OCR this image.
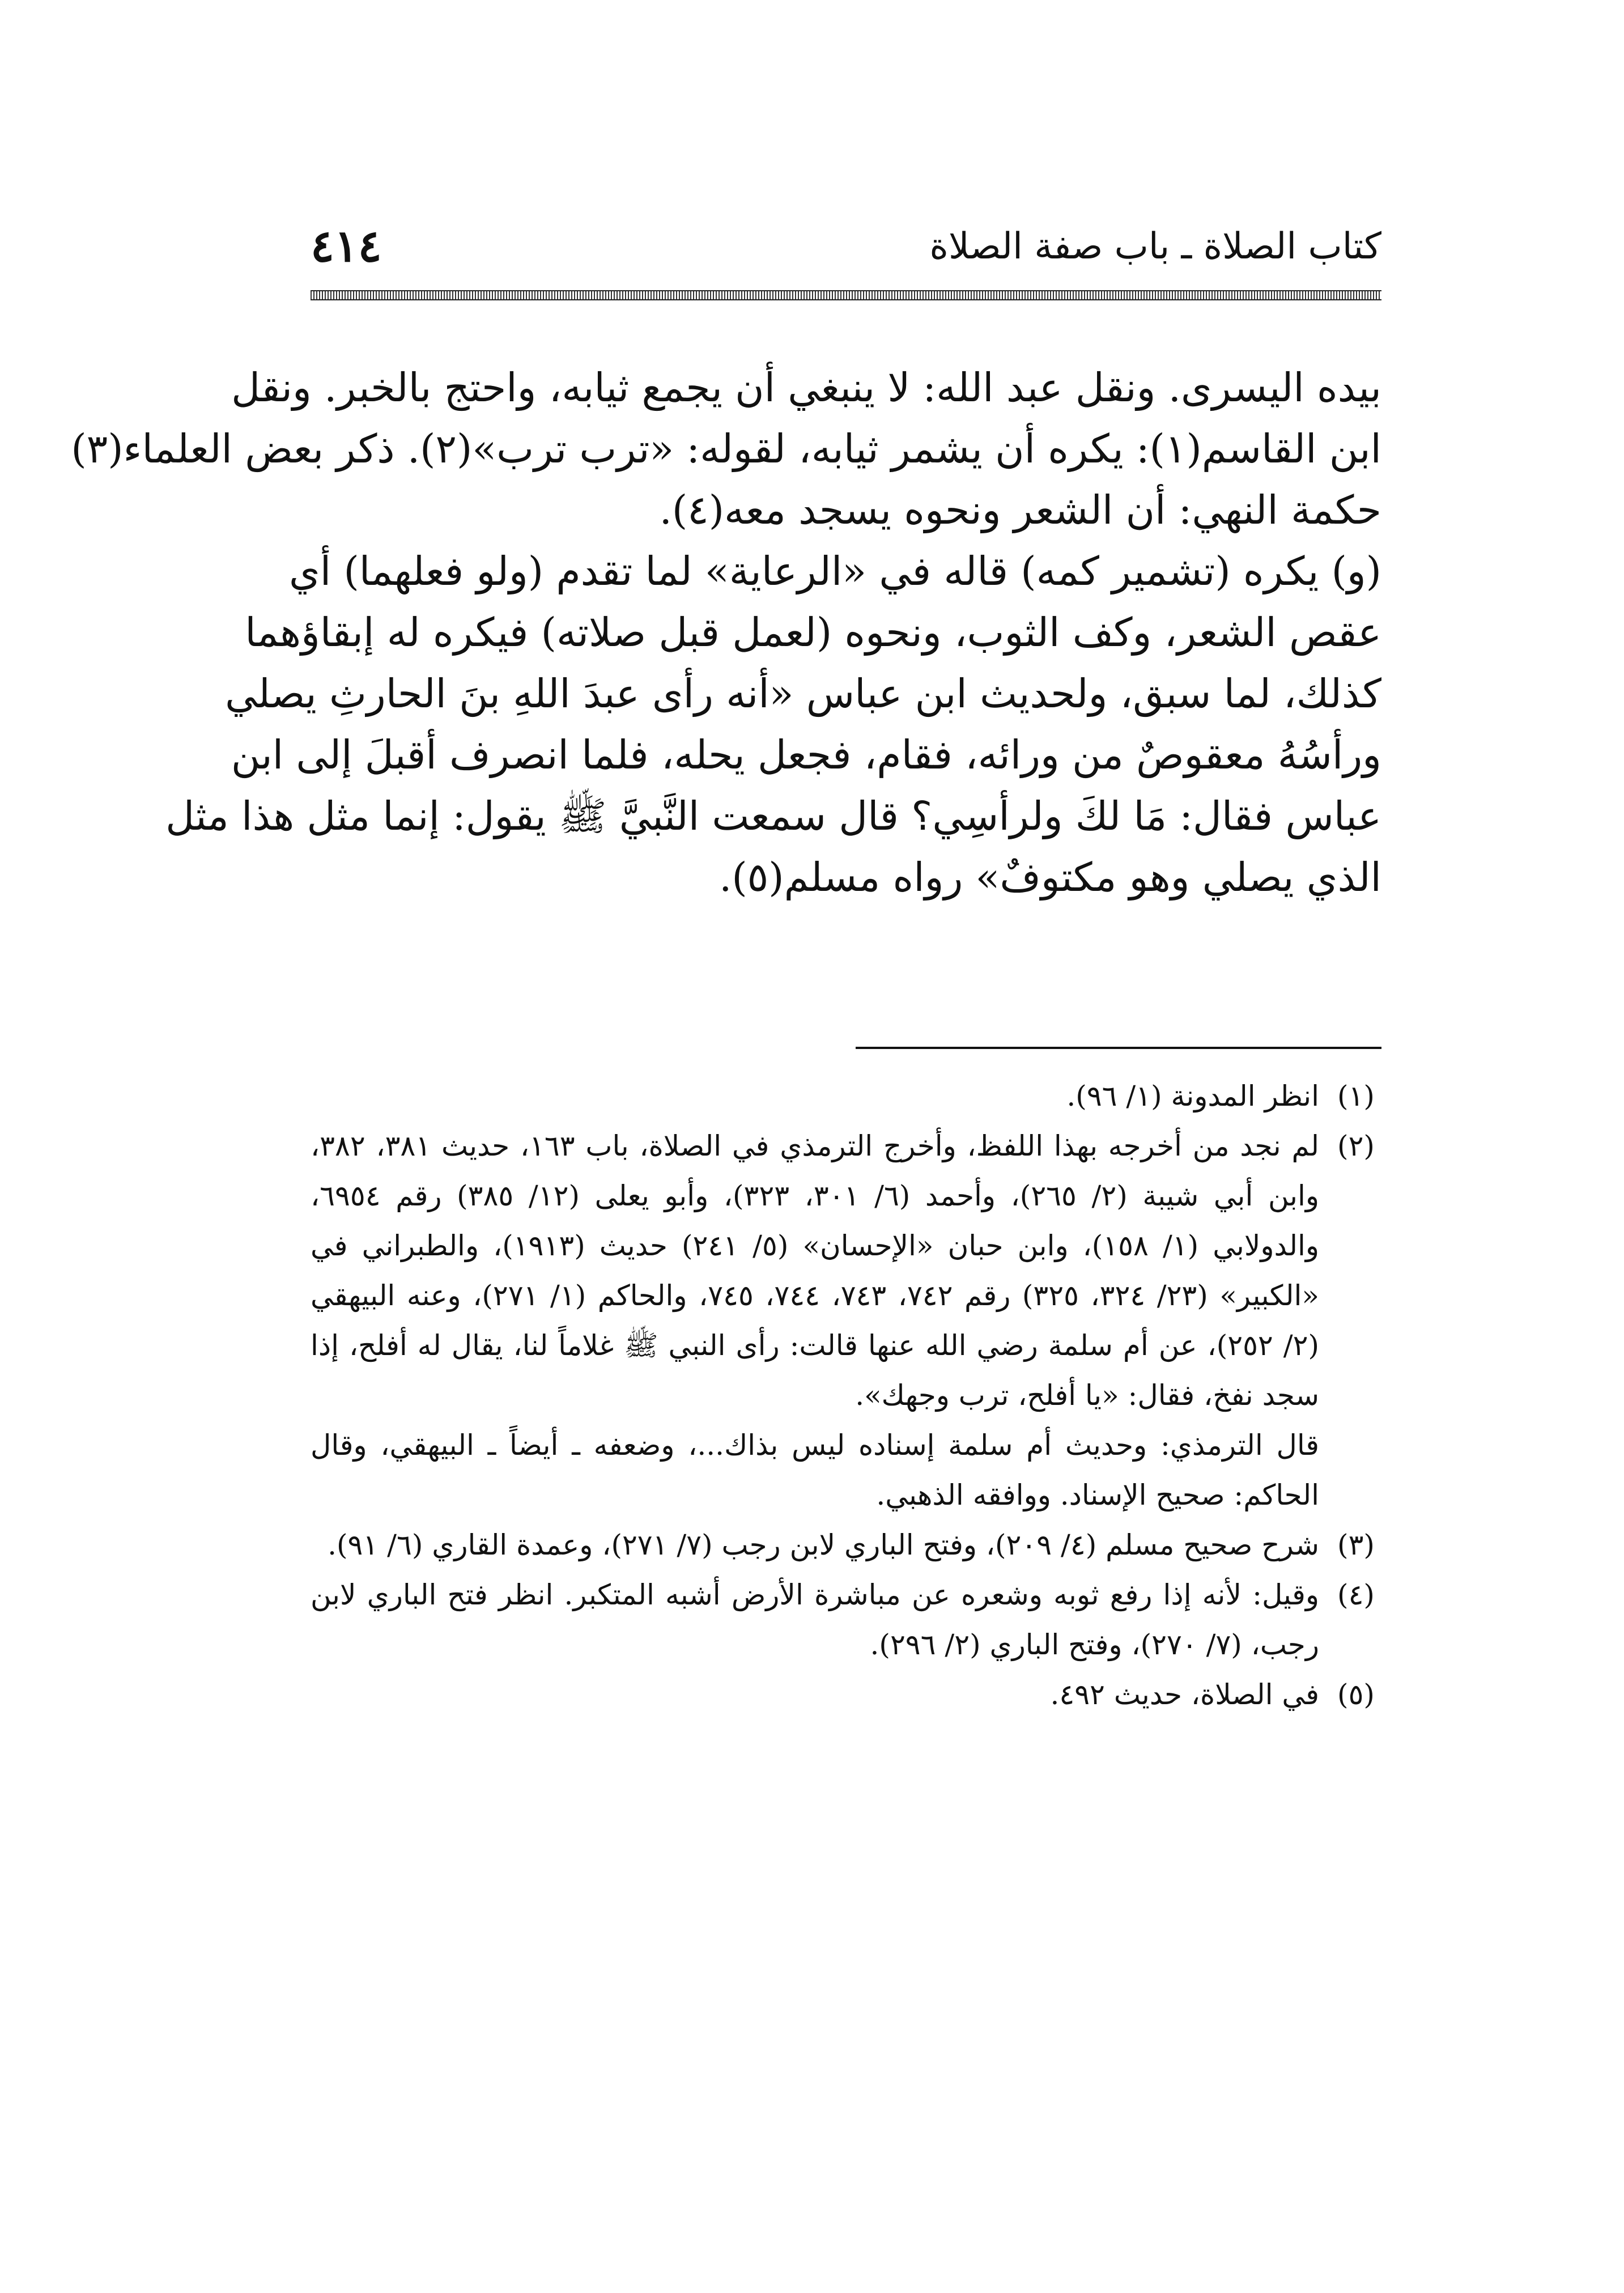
كتاب الصلاة ـ باب صفة الصلاة
٤١٤
بيده اليسرى. ونقل عبد الله: لا ينبغي أن يجمع ثيابه، واحتج بالخبر. ونقل
ابن القاسم(١): يكره أن يشمر ثيابه، لقوله: «ترب ترب»(٢). ذكر بعض العلماء(٣)
حكمة النهي: أن الشعر ونحوه يسجد معه(٤).
(و) يكره (تشمير كمه) قاله في «الرعاية» لما تقدم (ولو فعلهما) أي
عقص الشعر، وكف الثوب، ونحوه (لعمل قبل صلاته) فيكره له إبقاؤهما
كذلك، لما سبق، ولحديث ابن عباس «أنه رأى عبدَ اللهِ بنَ الحارثِ يصلي
ورأسُهُ معقوصٌ من ورائه، فقام، فجعل يحله، فلما انصرف أقبلَ إلى ابن
عباس فقال: مَا لكَ ولرأسِي؟ قال سمعت النَّبيَّ ﷺ يقول: إنما مثل هذا مثل
الذي يصلي وهو مكتوفٌ» رواه مسلم(٥).
(١)
انظر المدونة (١/ ٩٦).
(٢)
لم نجد من أخرجه بهذا اللفظ، وأخرج الترمذي في الصلاة، باب ١٦٣، حديث ٣٨١، ٣٨٢، وابن أبي شيبة (٢/ ٢٦٥)، وأحمد (٦/ ٣٠١، ٣٢٣)، وأبو يعلى (١٢/ ٣٨٥) رقم ٦٩٥٤، والدولابي (١/ ١٥٨)، وابن حبان «الإحسان» (٥/ ٢٤١) حديث (١٩١٣)، والطبراني في «الكبير» (٢٣/ ٣٢٤، ٣٢٥) رقم ٧٤٢، ٧٤٣، ٧٤٤، ٧٤٥، والحاكم (١/ ٢٧١)، وعنه البيهقي (٢/ ٢٥٢)، عن أم سلمة رضي الله عنها قالت: رأى النبي ﷺ غلاماً لنا، يقال له أفلح، إذا سجد نفخ، فقال: «يا أفلح، ترب وجهك».
قال الترمذي: وحديث أم سلمة إسناده ليس بذاك...، وضعفه ـ أيضاً ـ البيهقي، وقال الحاكم: صحيح الإسناد. ووافقه الذهبي.
(٣)
شرح صحيح مسلم (٤/ ٢٠٩)، وفتح الباري لابن رجب (٧/ ٢٧١)، وعمدة القاري (٦/ ٩١).
(٤)
وقيل: لأنه إذا رفع ثوبه وشعره عن مباشرة الأرض أشبه المتكبر. انظر فتح الباري لابن رجب، (٧/ ٢٧٠)، وفتح الباري (٢/ ٢٩٦).
(٥)
في الصلاة، حديث ٤٩٢.
